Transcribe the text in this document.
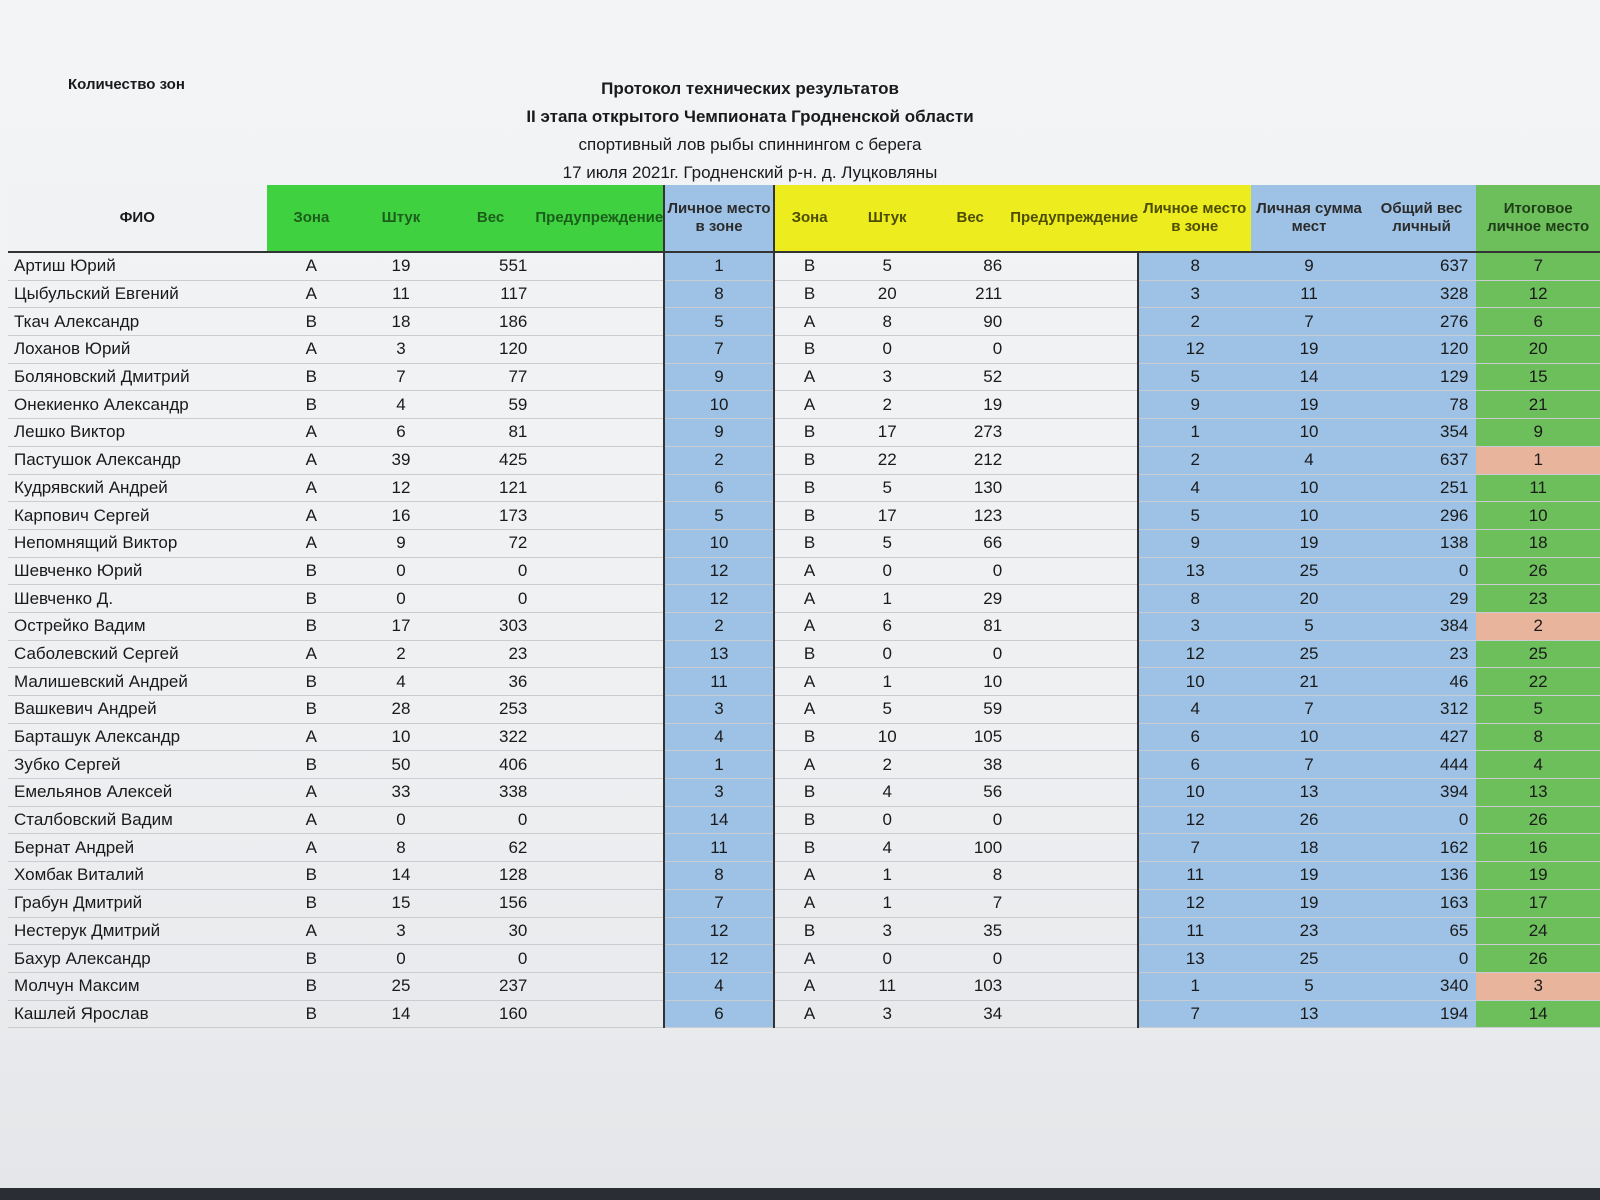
Количество зон	Протокол технических результатов
II этапа открытого Чемпионата Гродненской области
спортивный лов рыбы спиннингом с берега
17 июля 2021г. Гродненский р-н. д. Луцковляны
ФИО	Зона	Штук	Вес	Предупреждение	Личное место в зоне	Зона	Штук	Вес	Предупреждение	Личное место в зоне	Личная сумма мест	Общий вес личный	Итоговое личное место
Артиш Юрий	А	19	551		1	В	5	86		8	9	637	7
Цыбульский Евгений	А	11	117		8	В	20	211		3	11	328	12
Ткач Александр	В	18	186		5	А	8	90		2	7	276	6
Лоханов Юрий	А	3	120		7	В	0	0		12	19	120	20
Боляновский Дмитрий	В	7	77		9	А	3	52		5	14	129	15
Онекиенко Александр	В	4	59		10	А	2	19		9	19	78	21
Лешко Виктор	А	6	81		9	В	17	273		1	10	354	9
Пастушок Александр	А	39	425		2	В	22	212		2	4	637	1
Кудрявский Андрей	А	12	121		6	В	5	130		4	10	251	11
Карпович Сергей	А	16	173		5	В	17	123		5	10	296	10
Непомнящий Виктор	А	9	72		10	В	5	66		9	19	138	18
Шевченко Юрий	В	0	0		12	А	0	0		13	25	0	26
Шевченко Д.	В	0	0		12	А	1	29		8	20	29	23
Острейко Вадим	В	17	303		2	А	6	81		3	5	384	2
Саболевский Сергей	А	2	23		13	В	0	0		12	25	23	25
Малишевский Андрей	В	4	36		11	А	1	10		10	21	46	22
Вашкевич Андрей	В	28	253		3	А	5	59		4	7	312	5
Барташук Александр	А	10	322		4	В	10	105		6	10	427	8
Зубко Сергей	В	50	406		1	А	2	38		6	7	444	4
Емельянов Алексей	А	33	338		3	В	4	56		10	13	394	13
Сталбовский Вадим	А	0	0		14	В	0	0		12	26	0	26
Бернат Андрей	А	8	62		11	В	4	100		7	18	162	16
Хомбак Виталий	В	14	128		8	А	1	8		11	19	136	19
Грабун Дмитрий	В	15	156		7	А	1	7		12	19	163	17
Нестерук Дмитрий	А	3	30		12	В	3	35		11	23	65	24
Бахур Александр	В	0	0		12	А	0	0		13	25	0	26
Молчун Максим	В	25	237		4	А	11	103		1	5	340	3
Кашлей Ярослав	В	14	160		6	А	3	34		7	13	194	14
